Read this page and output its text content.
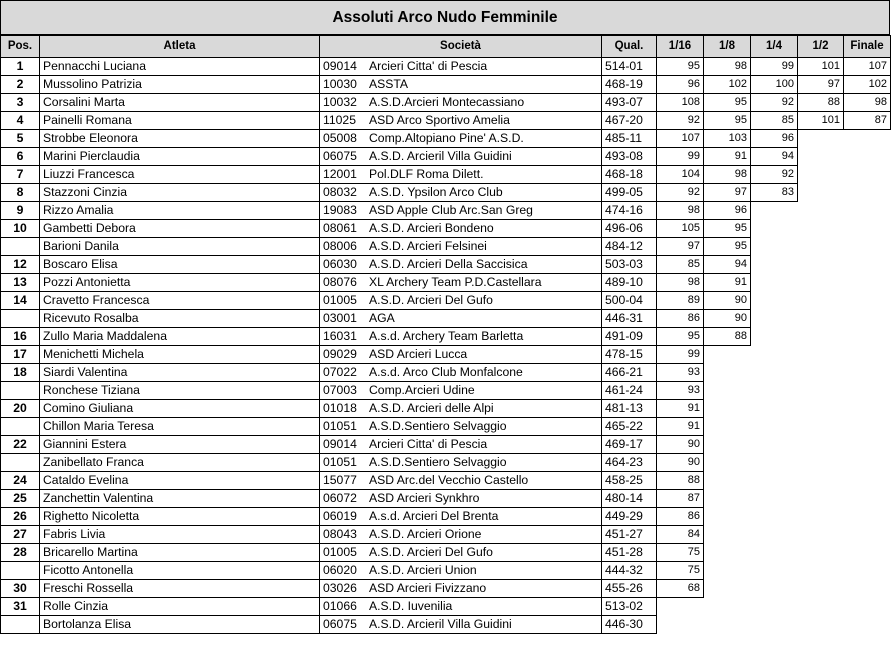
Assoluti Arco Nudo Femminile
Pos.	Atleta	Società	Qual.	1/16	1/8	1/4	1/2	Finale
1	Pennacchi Luciana	09014 Arcieri Citta' di Pescia	514-01	95	98	99	101	107
2	Mussolino Patrizia	10030 ASSTA	468-19	96	102	100	97	102
3	Corsalini Marta	10032 A.S.D.Arcieri Montecassiano	493-07	108	95	92	88	98
4	Painelli Romana	11025 ASD Arco Sportivo Amelia	467-20	92	95	85	101	87
5	Strobbe Eleonora	05008 Comp.Altopiano Pine' A.S.D.	485-11	107	103	96		
6	Marini Pierclaudia	06075 A.S.D. Arcieril Villa Guidini	493-08	99	91	94		
7	Liuzzi Francesca	12001 Pol.DLF Roma Dilett.	468-18	104	98	92		
8	Stazzoni Cinzia	08032 A.S.D. Ypsilon Arco Club	499-05	92	97	83		
9	Rizzo Amalia	19083 ASD Apple Club Arc.San Greg	474-16	98	96			
10	Gambetti Debora	08061 A.S.D. Arcieri Bondeno	496-06	105	95			
	Barioni Danila	08006 A.S.D. Arcieri Felsinei	484-12	97	95			
12	Boscaro Elisa	06030 A.S.D. Arcieri Della Saccisica	503-03	85	94			
13	Pozzi Antonietta	08076 XL Archery Team P.D.Castellara	489-10	98	91			
14	Cravetto Francesca	01005 A.S.D. Arcieri Del Gufo	500-04	89	90			
	Ricevuto Rosalba	03001 AGA	446-31	86	90			
16	Zullo Maria Maddalena	16031 A.s.d. Archery Team Barletta	491-09	95	88			
17	Menichetti Michela	09029 ASD Arcieri Lucca	478-15	99				
18	Siardi Valentina	07022 A.s.d. Arco Club Monfalcone	466-21	93				
	Ronchese Tiziana	07003 Comp.Arcieri Udine	461-24	93				
20	Comino Giuliana	01018 A.S.D. Arcieri delle Alpi	481-13	91				
	Chillon Maria Teresa	01051 A.S.D.Sentiero Selvaggio	465-22	91				
22	Giannini Estera	09014 Arcieri Citta' di Pescia	469-17	90				
	Zanibellato Franca	01051 A.S.D.Sentiero Selvaggio	464-23	90				
24	Cataldo Evelina	15077 ASD Arc.del Vecchio Castello	458-25	88				
25	Zanchettin Valentina	06072 ASD Arcieri Synkhro	480-14	87				
26	Righetto Nicoletta	06019 A.s.d. Arcieri Del Brenta	449-29	86				
27	Fabris Livia	08043 A.S.D. Arcieri Orione	451-27	84				
28	Bricarello Martina	01005 A.S.D. Arcieri Del Gufo	451-28	75				
	Ficotto Antonella	06020 A.S.D. Arcieri Union	444-32	75				
30	Freschi Rossella	03026 ASD Arcieri Fivizzano	455-26	68				
31	Rolle Cinzia	01066 A.S.D. Iuvenilia	513-02					
	Bortolanza Elisa	06075 A.S.D. Arcieril Villa Guidini	446-30					
